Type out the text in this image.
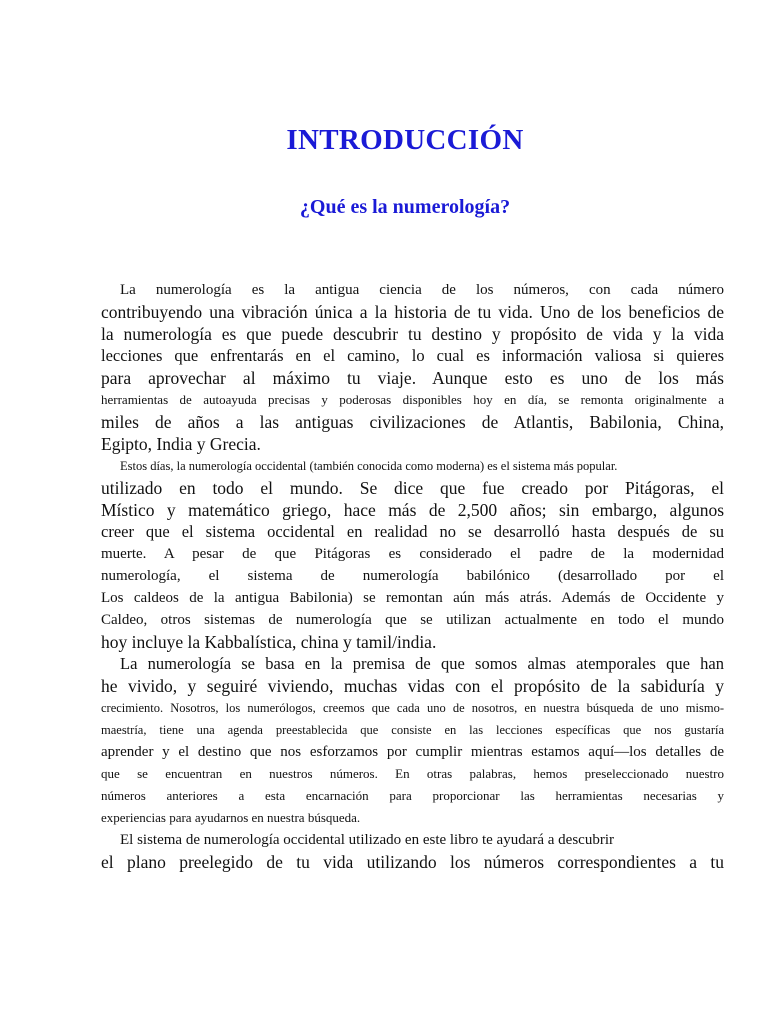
INTRODUCCIÓN
¿Qué es la numerología?
La numerología es la antigua ciencia de los números, con cada número
contribuyendo una vibración única a la historia de tu vida. Uno de los beneficios de
la numerología es que puede descubrir tu destino y propósito de vida y la vida
lecciones que enfrentarás en el camino, lo cual es información valiosa si quieres
para aprovechar al máximo tu viaje. Aunque esto es uno de los más
herramientas de autoayuda precisas y poderosas disponibles hoy en día, se remonta originalmente a
miles de años a las antiguas civilizaciones de Atlantis, Babilonia, China,
Egipto, India y Grecia.
Estos días, la numerología occidental (también conocida como moderna) es el sistema más popular.
utilizado en todo el mundo. Se dice que fue creado por Pitágoras, el
Místico y matemático griego, hace más de 2,500 años; sin embargo, algunos
creer que el sistema occidental en realidad no se desarrolló hasta después de su
muerte. A pesar de que Pitágoras es considerado el padre de la modernidad
numerología, el sistema de numerología babilónico (desarrollado por el
Los caldeos de la antigua Babilonia) se remontan aún más atrás. Además de Occidente y
Caldeo, otros sistemas de numerología que se utilizan actualmente en todo el mundo
hoy incluye la Kabbalística, china y tamil/india.
La numerología se basa en la premisa de que somos almas atemporales que han
he vivido, y seguiré viviendo, muchas vidas con el propósito de la sabiduría y
crecimiento. Nosotros, los numerólogos, creemos que cada uno de nosotros, en nuestra búsqueda de uno mismo-
maestría, tiene una agenda preestablecida que consiste en las lecciones específicas que nos gustaría
aprender y el destino que nos esforzamos por cumplir mientras estamos aquí—los detalles de
que se encuentran en nuestros números. En otras palabras, hemos preseleccionado nuestro
números anteriores a esta encarnación para proporcionar las herramientas necesarias y
experiencias para ayudarnos en nuestra búsqueda.
El sistema de numerología occidental utilizado en este libro te ayudará a descubrir
el plano preelegido de tu vida utilizando los números correspondientes a tu
